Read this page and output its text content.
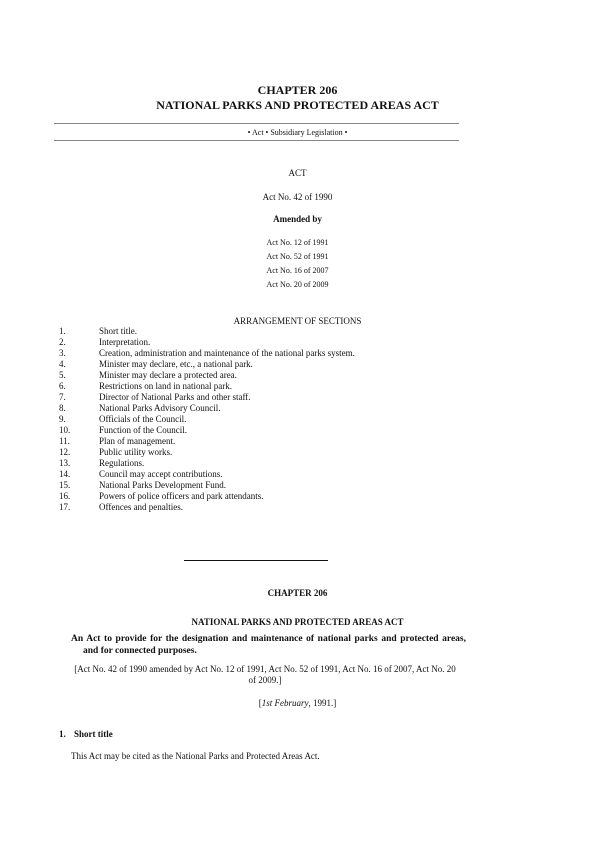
CHAPTER 206
NATIONAL PARKS AND PROTECTED AREAS ACT
• Act • Subsidiary Legislation •
ACT
Act No. 42 of 1990
Amended by
Act No. 12 of 1991
Act No. 52 of 1991
Act No. 16 of 2007
Act No. 20 of 2009
ARRANGEMENT OF SECTIONS
1.	Short title.
2.	Interpretation.
3.	Creation, administration and maintenance of the national parks system.
4.	Minister may declare, etc., a national park.
5.	Minister may declare a protected area.
6.	Restrictions on land in national park.
7.	Director of National Parks and other staff.
8.	National Parks Advisory Council.
9.	Officials of the Council.
10.	Function of the Council.
11.	Plan of management.
12.	Public utility works.
13.	Regulations.
14.	Council may accept contributions.
15.	National Parks Development Fund.
16.	Powers of police officers and park attendants.
17.	Offences and penalties.
CHAPTER 206
NATIONAL PARKS AND PROTECTED AREAS ACT
An Act to provide for the designation and maintenance of national parks and protected areas, and for connected purposes.
[Act No. 42 of 1990 amended by Act No. 12 of 1991, Act No. 52 of 1991, Act No. 16 of 2007, Act No. 20 of 2009.]
[1st February, 1991.]
1. Short title
This Act may be cited as the National Parks and Protected Areas Act.
